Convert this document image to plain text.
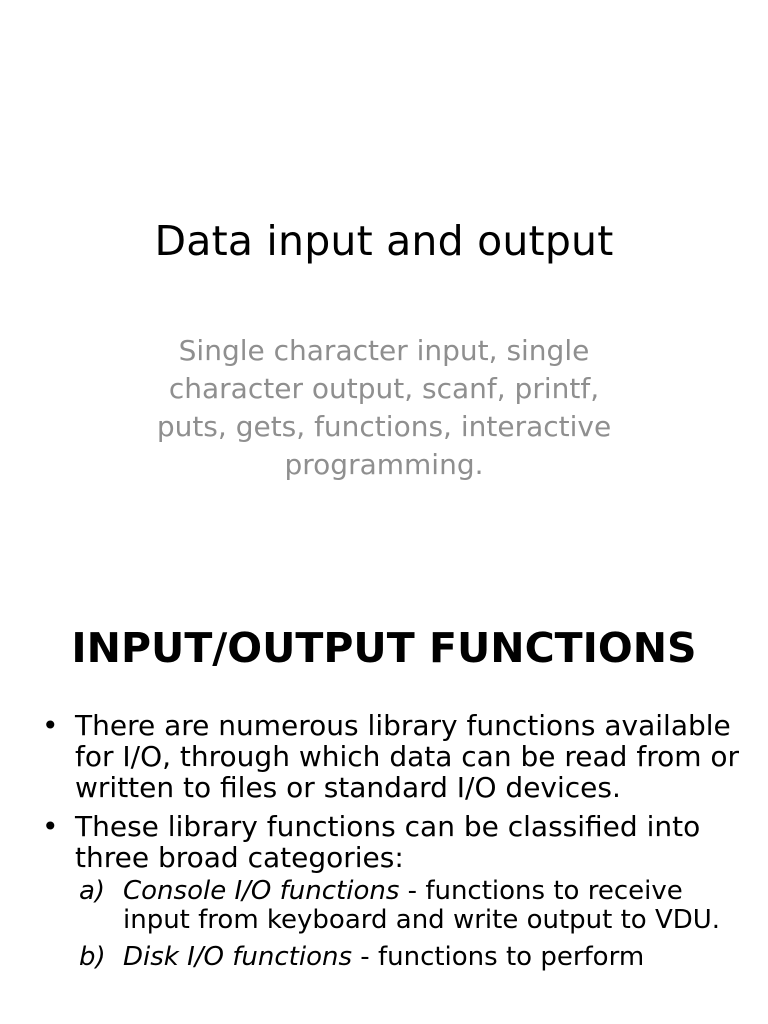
Data input and output

Single character input, single character output, scanf, printf, puts, gets, functions, interactive programming.

INPUT/OUTPUT FUNCTIONS
• There are numerous library functions available for I/O, through which data can be read from or written to files or standard I/O devices.
• These library functions can be classified into three broad categories:
a) Console I/O functions - functions to receive input from keyboard and write output to VDU.
b) Disk I/O functions - functions to perform
